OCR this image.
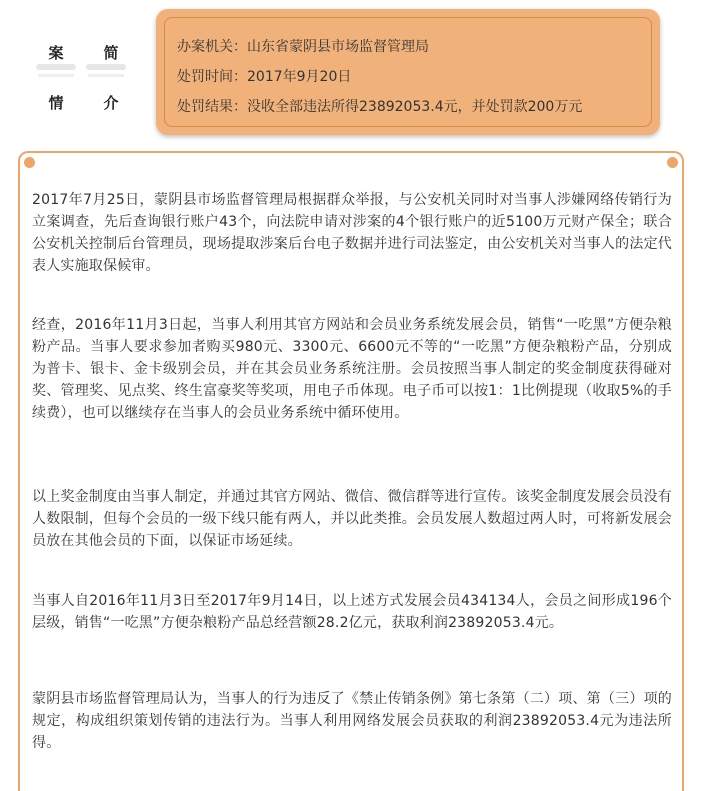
案	简
情	介
办案机关：山东省蒙阴县市场监督管理局
处罚时间：2017年9月20日
处罚结果：没收全部违法所得23892053.4元，并处罚款200万元
2017年7月25日，蒙阴县市场监督管理局根据群众举报，与公安机关同时对当事人涉嫌网络传销行为立案调查，先后查询银行账户43个，向法院申请对涉案的4个银行账户的近5100万元财产保全；联合公安机关控制后台管理员，现场提取涉案后台电子数据并进行司法鉴定，由公安机关对当事人的法定代表人实施取保候审。
经查，2016年11月3日起，当事人利用其官方网站和会员业务系统发展会员，销售“一吃黑”方便杂粮粉产品。当事人要求参加者购买980元、3300元、6600元不等的“一吃黑”方便杂粮粉产品，分别成为普卡、银卡、金卡级别会员，并在其会员业务系统注册。会员按照当事人制定的奖金制度获得碰对奖、管理奖、见点奖、终生富豪奖等奖项，用电子币体现。电子币可以按1：1比例提现（收取5%的手续费），也可以继续存在当事人的会员业务系统中循环使用。
以上奖金制度由当事人制定，并通过其官方网站、微信、微信群等进行宣传。该奖金制度发展会员没有人数限制，但每个会员的一级下线只能有两人，并以此类推。会员发展人数超过两人时，可将新发展会员放在其他会员的下面，以保证市场延续。
当事人自2016年11月3日至2017年9月14日，以上述方式发展会员434134人，会员之间形成196个层级，销售“一吃黑”方便杂粮粉产品总经营额28.2亿元，获取利润23892053.4元。
蒙阴县市场监督管理局认为，当事人的行为违反了《禁止传销条例》第七条第（二）项、第（三）项的规定，构成组织策划传销的违法行为。当事人利用网络发展会员获取的利润23892053.4元为违法所得。
